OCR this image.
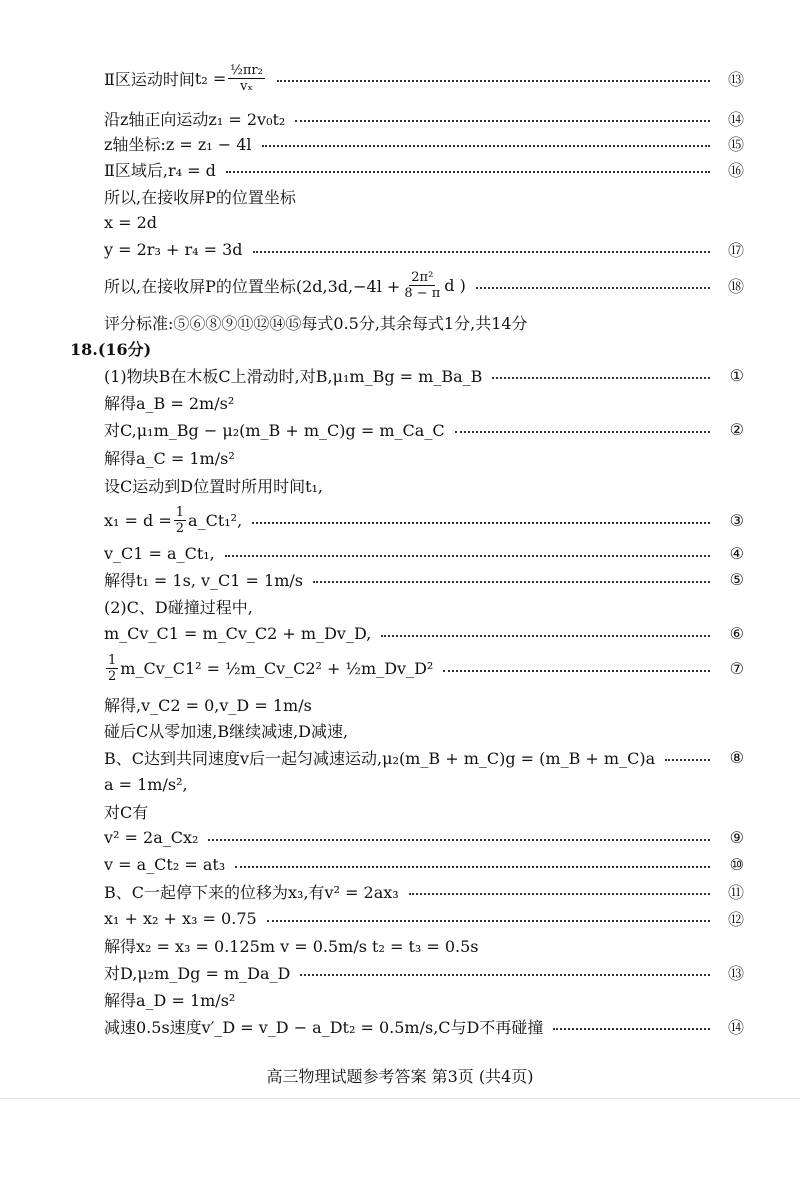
Ⅱ区运动时间 $t_2 = \frac{\text{½πr₂}}{\text{vₓ}}$	⑬
沿z轴正向运动z₁ = 2v₀t₂	⑭
z轴坐标:z = z₁ − 4l	⑮
Ⅱ区域后,r₄ = d	⑯
所以,在接收屏P的位置坐标
x = 2d
y = 2r₃ + r₄ = 3d	⑰
所以,在接收屏P的位置坐标($2d,3d,-4l + \frac{\text{2π²}}{8 - \pi}$ d )	⑱
评分标准:⑤⑥⑧⑨⑪⑫⑭⑮每式0.5分,其余每式1分,共14分
18.(16分)
(1)物块B在木板C上滑动时,对B,μ₁m_Bg = m_Ba_B	①
解得a_B = 2m/s²
对C,μ₁m_Bg − μ₂(m_B + m_C)g = m_Ca_C	②
解得a_C = 1m/s²
设C运动到D位置时所用时间t₁,
$x_1 = d = \frac{1}{2}$ a_Ct₁²,	③
v_C1 = a_Ct₁,	④
解得t₁ = 1s, v_C1 = 1m/s	⑤
(2)C、D碰撞过程中,
m_Cv_C1 = m_Cv_C2 + m_Dv_D,	⑥
$\frac{1}{2}$ m_Cv_C1² = ½m_Cv_C2² + ½m_Dv_D²	⑦
解得,v_C2 = 0,v_D = 1m/s
碰后C从零加速,B继续减速,D减速,
B、C达到共同速度v后一起匀减速运动,μ₂(m_B + m_C)g = (m_B + m_C)a	⑧
a = 1m/s²,
对C有
v² = 2a_Cx₂	⑨
v = a_Ct₂ = at₃	⑩
B、C一起停下来的位移为x₃,有v² = 2ax₃	⑪
x₁ + x₂ + x₃ = 0.75	⑫
解得x₂ = x₃ = 0.125m v = 0.5m/s t₂ = t₃ = 0.5s
对D,μ₂m_Dg = m_Da_D	⑬
解得a_D = 1m/s²
减速0.5s速度v′_D = v_D − a_Dt₂ = 0.5m/s,C与D不再碰撞	⑭
高三物理试题参考答案 第3页 (共4页)
